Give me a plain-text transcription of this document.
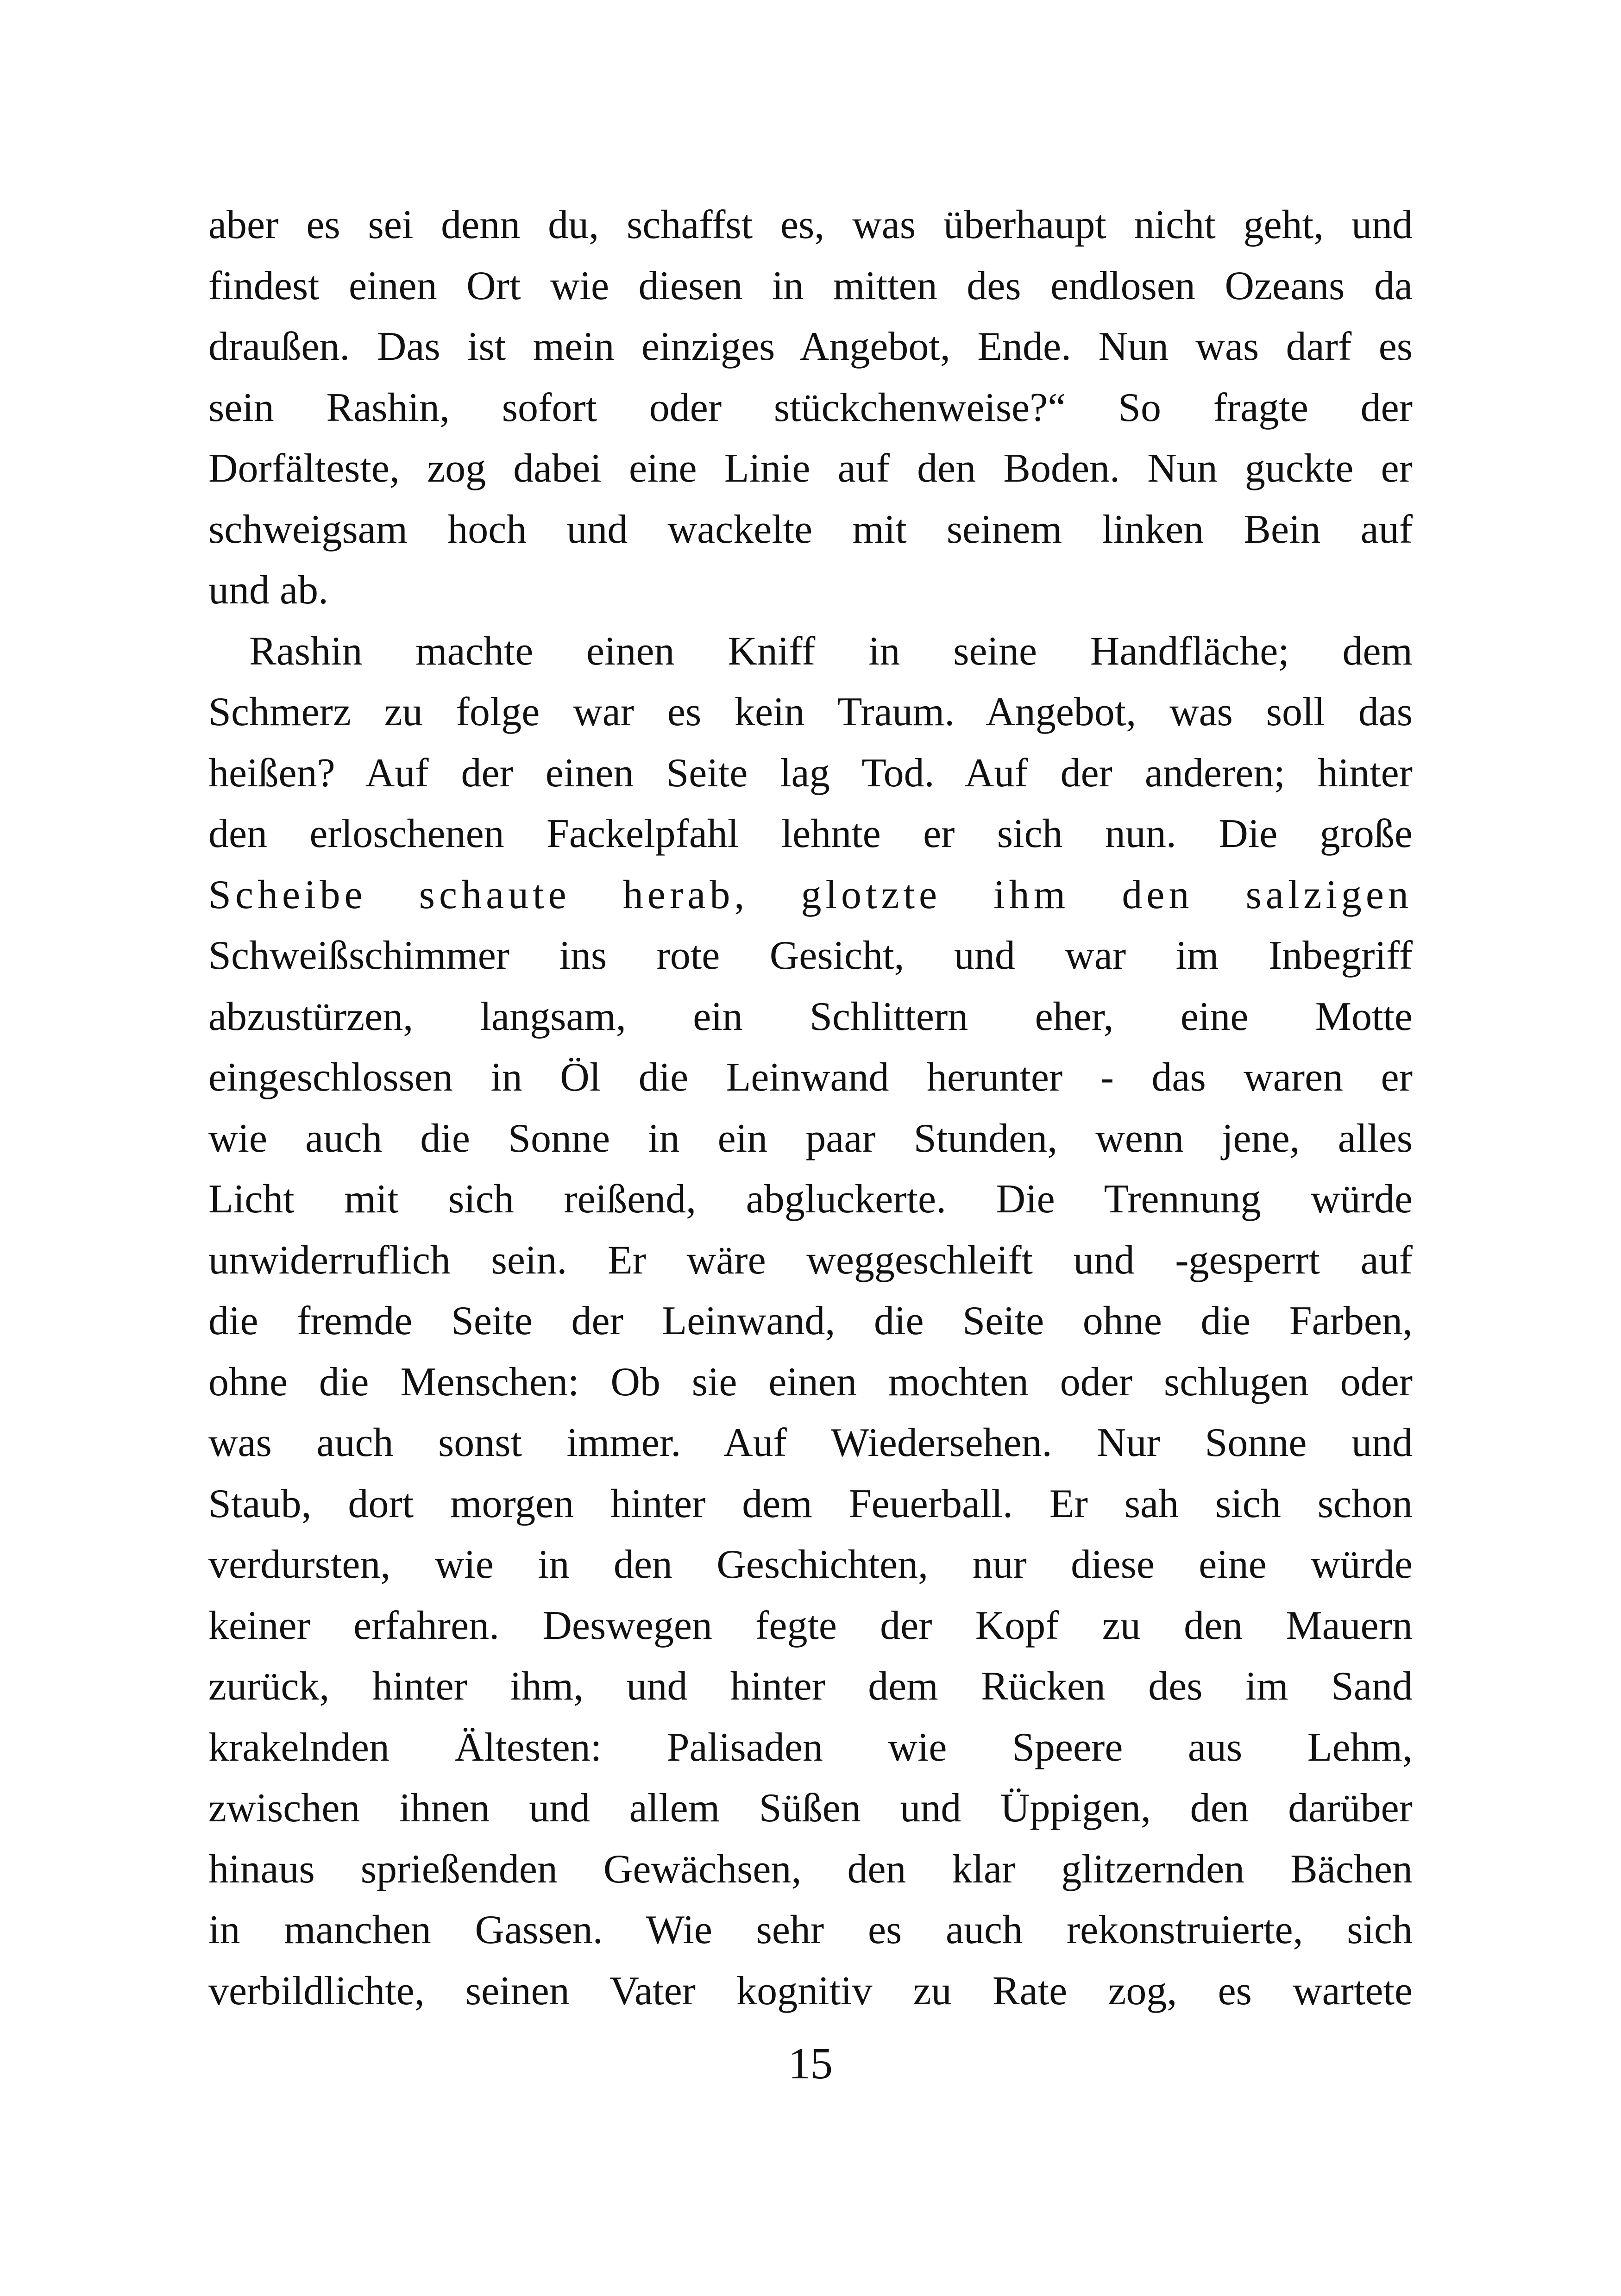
aber es sei denn du, schaffst es, was überhaupt nicht geht, und
findest einen Ort wie diesen in mitten des endlosen Ozeans da
draußen. Das ist mein einziges Angebot, Ende. Nun was darf es
sein Rashin, sofort oder stückchenweise?“ So fragte der
Dorfälteste, zog dabei eine Linie auf den Boden. Nun guckte er
schweigsam hoch und wackelte mit seinem linken Bein auf
und ab.
Rashin machte einen Kniff in seine Handfläche; dem
Schmerz zu folge war es kein Traum. Angebot, was soll das
heißen? Auf der einen Seite lag Tod. Auf der anderen; hinter
den erloschenen Fackelpfahl lehnte er sich nun. Die große
Scheibe schaute herab, glotzte ihm den salzigen
Schweißschimmer ins rote Gesicht, und war im Inbegriff
abzustürzen, langsam, ein Schlittern eher, eine Motte
eingeschlossen in Öl die Leinwand herunter - das waren er
wie auch die Sonne in ein paar Stunden, wenn jene, alles
Licht mit sich reißend, abgluckerte. Die Trennung würde
unwiderruflich sein. Er wäre weggeschleift und -gesperrt auf
die fremde Seite der Leinwand, die Seite ohne die Farben,
ohne die Menschen: Ob sie einen mochten oder schlugen oder
was auch sonst immer. Auf Wiedersehen. Nur Sonne und
Staub, dort morgen hinter dem Feuerball. Er sah sich schon
verdursten, wie in den Geschichten, nur diese eine würde
keiner erfahren. Deswegen fegte der Kopf zu den Mauern
zurück, hinter ihm, und hinter dem Rücken des im Sand
krakelnden Ältesten: Palisaden wie Speere aus Lehm,
zwischen ihnen und allem Süßen und Üppigen, den darüber
hinaus sprießenden Gewächsen, den klar glitzernden Bächen
in manchen Gassen. Wie sehr es auch rekonstruierte, sich
verbildlichte, seinen Vater kognitiv zu Rate zog, es wartete
15
